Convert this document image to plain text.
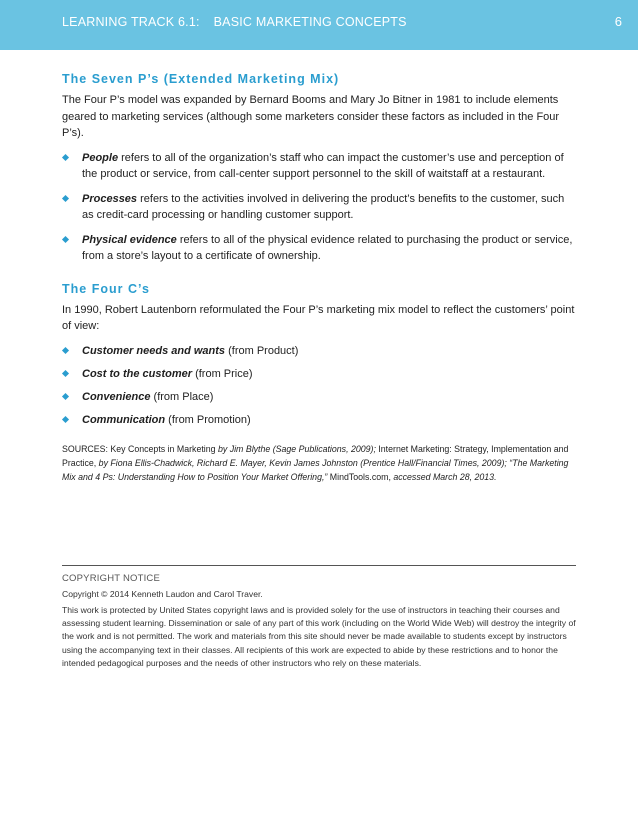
LEARNING TRACK 6.1: BASIC MARKETING CONCEPTS	6
The Seven P’s (Extended Marketing Mix)

The Four P’s model was expanded by Bernard Booms and Mary Jo Bitner in 1981 to include elements geared to marketing services (although some marketers consider these factors as included in the Four P’s).

People refers to all of the organization’s staff who can impact the customer’s use and perception of the product or service, from call-center support personnel to the skill of waitstaff at a restaurant.
Processes refers to the activities involved in delivering the product’s benefits to the customer, such as credit-card processing or handling customer support.
Physical evidence refers to all of the physical evidence related to purchasing the product or service, from a store’s layout to a certificate of ownership.
The Four C’s

In 1990, Robert Lautenborn reformulated the Four P’s marketing mix model to reflect the customers’ point of view:

Customer needs and wants (from Product)
Cost to the customer (from Price)
Convenience (from Place)
Communication (from Promotion)
SOURCES: Key Concepts in Marketing by Jim Blythe (Sage Publications, 2009); Internet Marketing: Strategy, Implementation and Practice, by Fiona Ellis-Chadwick, Richard E. Mayer, Kevin James Johnston (Prentice Hall/Financial Times, 2009); “The Marketing Mix and 4 Ps: Understanding How to Position Your Market Offering,” MindTools.com, accessed March 28, 2013.
COPYRIGHT NOTICE
Copyright © 2014 Kenneth Laudon and Carol Traver.
This work is protected by United States copyright laws and is provided solely for the use of instructors in teaching their courses and assessing student learning. Dissemination or sale of any part of this work (including on the World Wide Web) will destroy the integrity of the work and is not permitted. The work and materials from this site should never be made available to students except by instructors using the accompanying text in their classes. All recipients of this work are expected to abide by these restrictions and to honor the intended pedagogical purposes and the needs of other instructors who rely on these materials.
